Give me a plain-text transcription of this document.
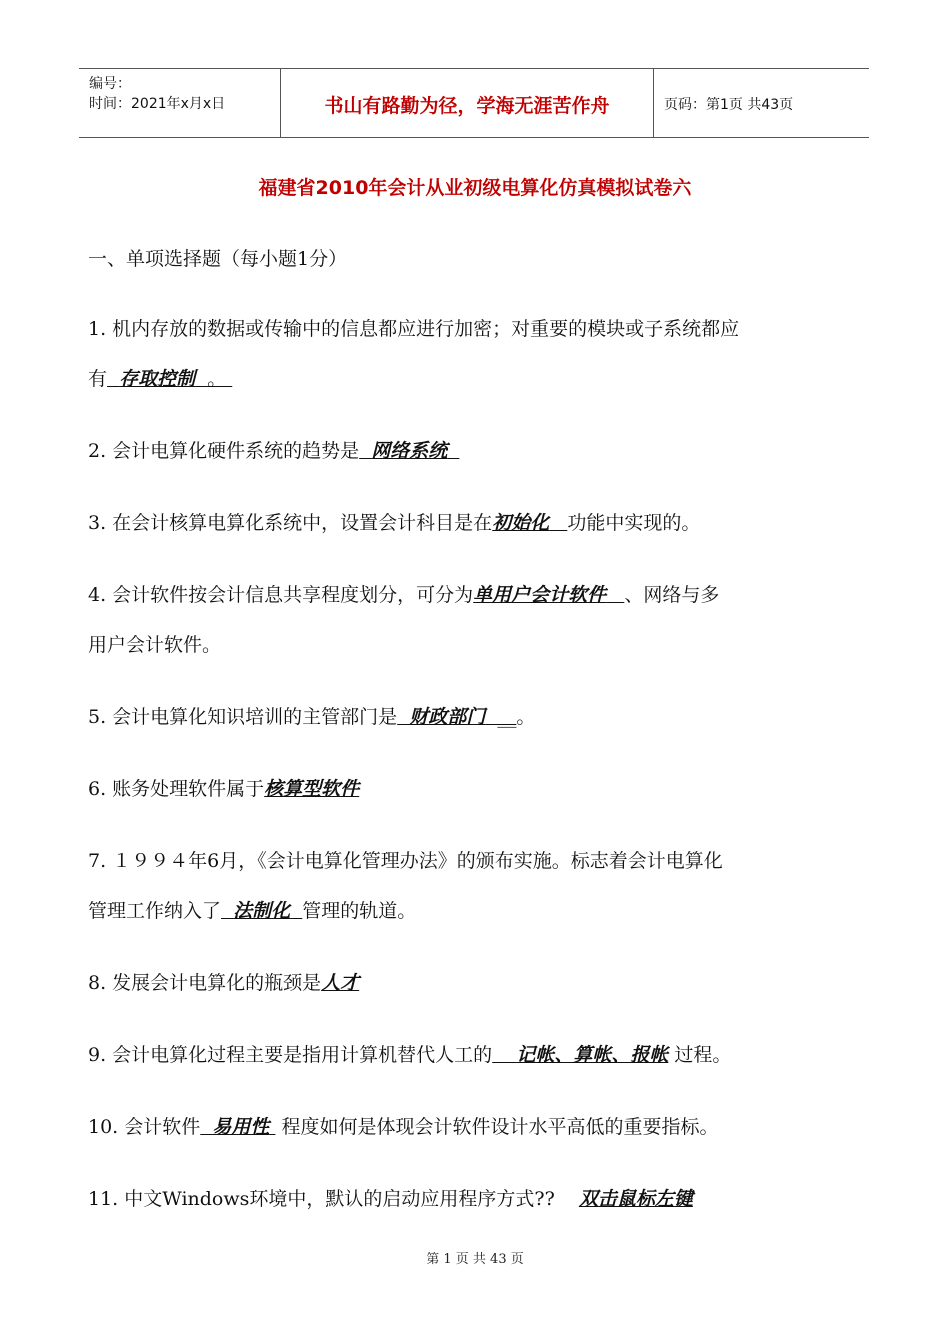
编号：
时间：2021年x月x日	书山有路勤为径，学海无涯苦作舟	页码：第1页 共43页
福建省2010年会计从业初级电算化仿真模拟试卷六
一、单项选择题（每小题1分）
1. 机内存放的数据或传输中的信息都应进行加密；对重要的模块或子系统都应
有 存取控制  。
2. 会计电算化硬件系统的趋势是 网络系统
3. 在会计核算电算化系统中，设置会计科目是在初始化 功能中实现的。
4. 会计软件按会计信息共享程度划分，可分为单用户会计软件 、网络与多
用户会计软件。
5. 会计电算化知识培训的主管部门是 财政部门  __。
6. 账务处理软件属于核算型软件
7. １９９４年6月，《会计电算化管理办法》的颁布实施。标志着会计电算化
管理工作纳入了 法制化 管理的轨道。
8. 发展会计电算化的瓶颈是人才
9. 会计电算化过程主要是指用计算机替代人工的 记帐、算帐、报帐 过程。
10. 会计软件 易用性  程度如何是体现会计软件设计水平高低的重要指标。
11. 中文Windows环境中，默认的启动应用程序方式??    双击鼠标左键
第 1 页 共 43 页
